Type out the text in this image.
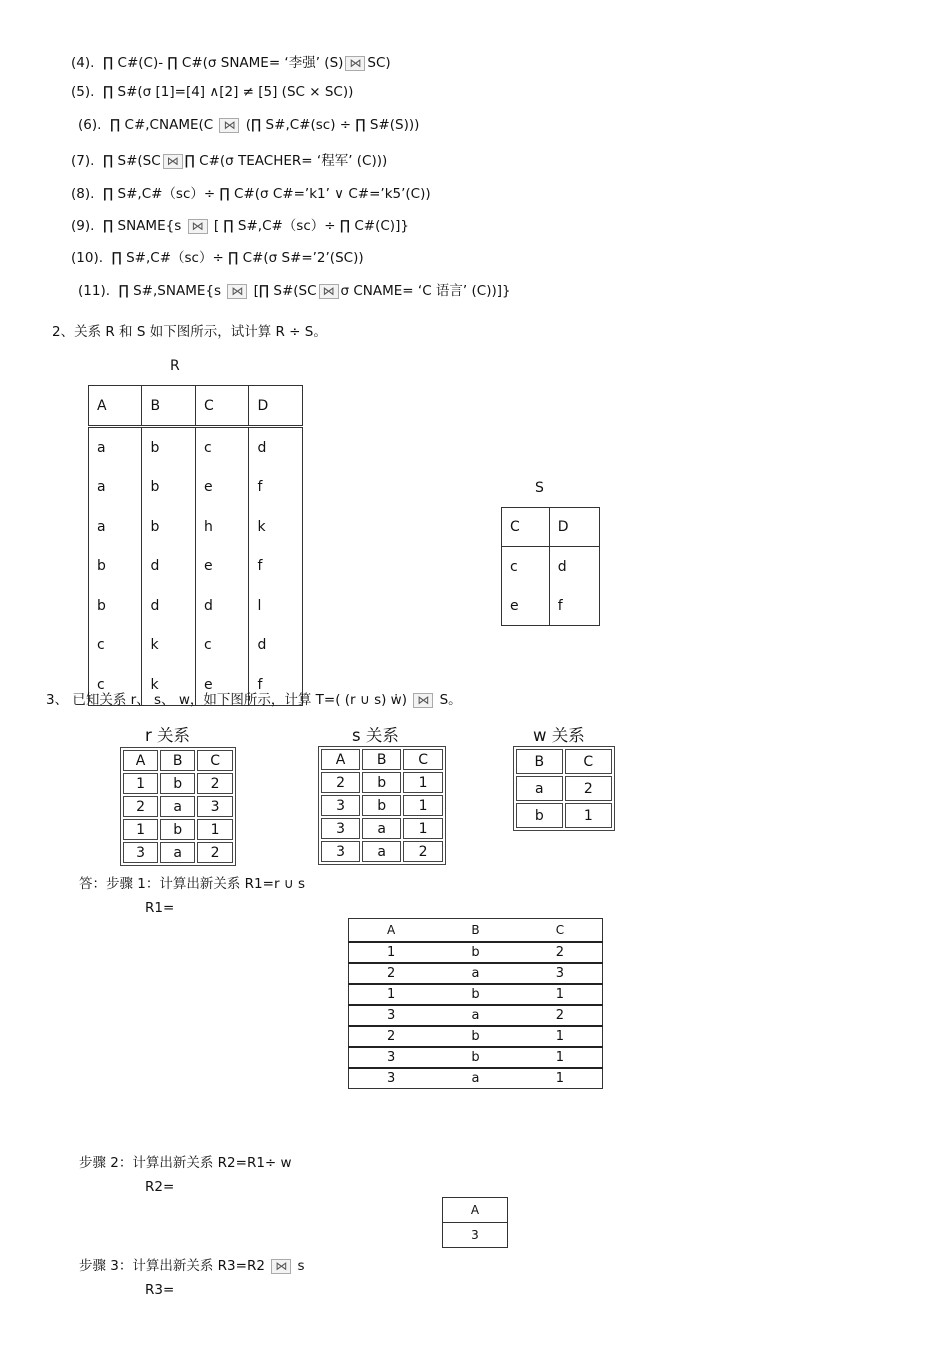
(4). ∏ C#(C)- ∏ C#(σ SNAME= ‘李强’ (S) ⋈ SC)
(5). ∏ S#(σ [1]=[4] ∧[2] ≠ [5] (SC × SC))
(6). ∏ C#,CNAME(C ⋈ (∏ S#,C#(sc) ÷ ∏ S#(S)))
(7). ∏ S#(SC ⋈ ∏ C#(σ TEACHER= ‘程军’ (C)))
(8). ∏ S#,C#（sc）÷ ∏ C#(σ C#=’k1’ ∨ C#=’k5’(C))
(9). ∏ SNAME{s ⋈ [ ∏ S#,C#（sc）÷ ∏ C#(C)]}
(10). ∏ S#,C#（sc）÷ ∏ C#(σ S#=’2’(SC))
(11). ∏ S#,SNAME{s ⋈ [∏ S#(SC ⋈ σ CNAME= ‘C 语言’ (C))]}
2、关系 R 和 S 如下图所示，试计算 R ÷ S。
R
A	B	C	D
a	b	c	d
a	b	e	f
a	b	h	k
b	d	e	f
b	d	d	l
c	k	c	d
c	k	e	f
S
C	D
c	d
e	f
3、 已知关系 r、 s、 w，如下图所示，计算 T=( (r ∪ s) ẇ) ⋈ S。
r 关系
A	B	C
1	b	2
2	a	3
1	b	1
3	a	2
s 关系
A	B	C
2	b	1
3	b	1
3	a	1
3	a	2
w 关系
B	C
a	2
b	1
答：步骤 1：计算出新关系 R1=r ∪ s
R1=
A	B	C
1	b	2
2	a	3
1	b	1
3	a	2
2	b	1
3	b	1
3	a	1
步骤 2：计算出新关系 R2=R1÷ w
R2=
A
3
步骤 3：计算出新关系 R3=R2 ⋈ s
R3=
